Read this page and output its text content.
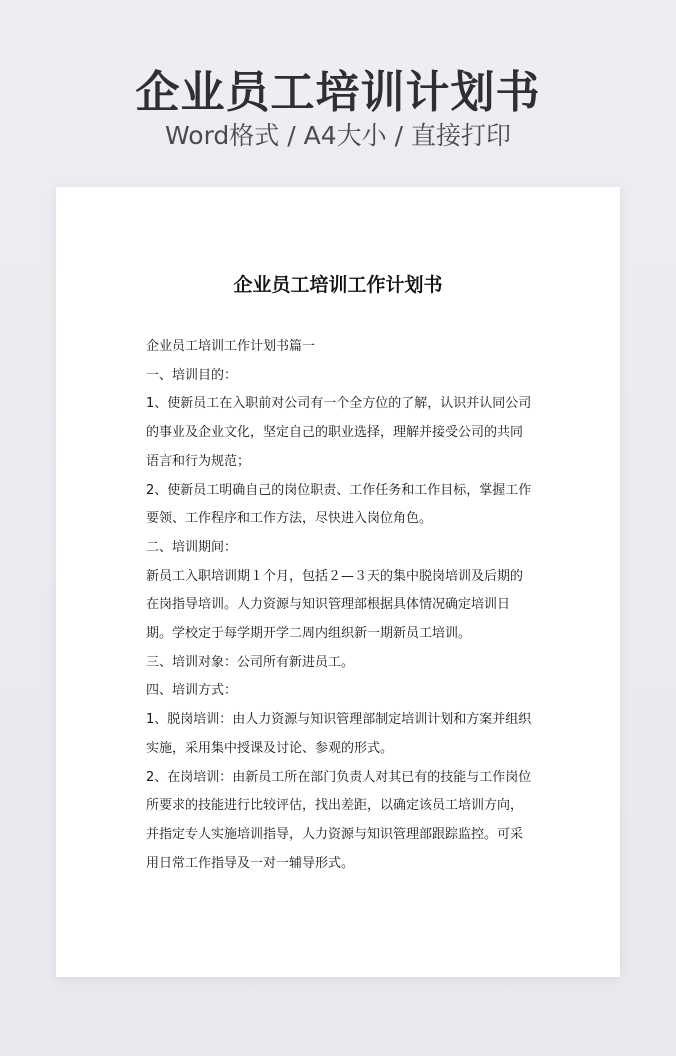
企业员工培训计划书
Word格式 / A4大小 / 直接打印
企业员工培训工作计划书

企业员工培训工作计划书篇一

一、培训目的：

1、使新员工在入职前对公司有一个全方位的了解，认识并认同公司的事业及企业文化，坚定自己的职业选择，理解并接受公司的共同语言和行为规范；

2、使新员工明确自己的岗位职责、工作任务和工作目标，掌握工作要领、工作程序和工作方法，尽快进入岗位角色。

二、培训期间：

新员工入职培训期１个月，包括２—３天的集中脱岗培训及后期的在岗指导培训。人力资源与知识管理部根据具体情况确定培训日期。学校定于每学期开学二周内组织新一期新员工培训。

三、培训对象：公司所有新进员工。

四、培训方式：

1、脱岗培训：由人力资源与知识管理部制定培训计划和方案并组织实施，采用集中授课及讨论、参观的形式。

2、在岗培训：由新员工所在部门负责人对其已有的技能与工作岗位所要求的技能进行比较评估，找出差距，以确定该员工培训方向，并指定专人实施培训指导，人力资源与知识管理部跟踪监控。可采用日常工作指导及一对一辅导形式。
